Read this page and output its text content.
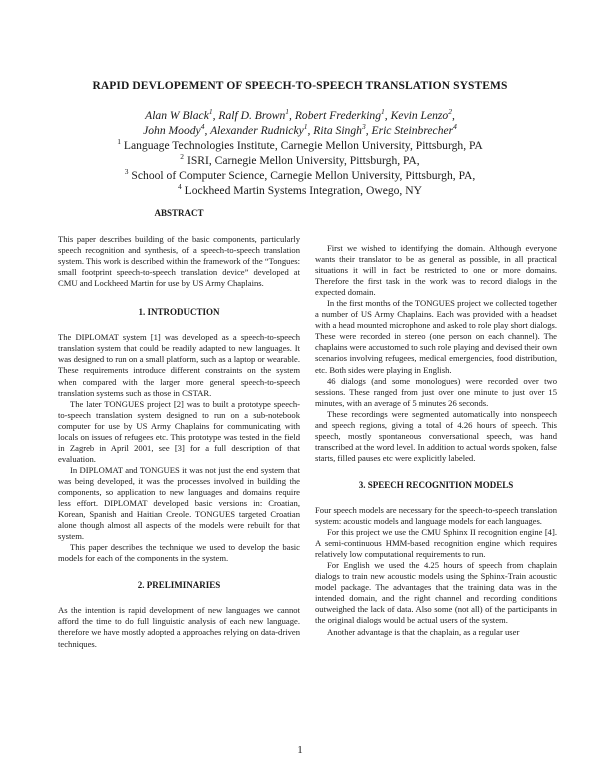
RAPID DEVLOPEMENT OF SPEECH-TO-SPEECH TRANSLATION SYSTEMS
Alan W Black$^1$, Ralf D. Brown$^1$, Robert Frederking$^1$, Kevin Lenzo$^2$,
John Moody$^4$, Alexander Rudnicky$^1$, Rita Singh$^3$, Eric Steinbrecher$^4$
$^1$ Language Technologies Institute, Carnegie Mellon University, Pittsburgh, PA
$^2$ ISRI, Carnegie Mellon University, Pittsburgh, PA,
$^3$ School of Computer Science, Carnegie Mellon University, Pittsburgh, PA,
$^4$ Lockheed Martin Systems Integration, Owego, NY

ABSTRACT

This paper describes building of the basic components, particularly speech recognition and synthesis, of a speech-to-speech translation system. This work is described within the framework of the “Tongues: small footprint speech-to-speech translation device” developed at CMU and Lockheed Martin for use by US Army Chaplains.

1. INTRODUCTION

The DIPLOMAT system [1] was developed as a speech-to-speech translation system that could be readily adapted to new languages. It was designed to run on a small platform, such as a laptop or wearable. These requirements introduce different constraints on the system when compared with the larger more general speech-to-speech translation systems such as those in CSTAR.

The later TONGUES project [2] was to built a prototype speech-to-speech translation system designed to run on a sub-notebook computer for use by US Army Chaplains for communicating with locals on issues of refugees etc. This prototype was tested in the field in Zagreb in April 2001, see [3] for a full description of that evaluation.

In DIPLOMAT and TONGUES it was not just the end system that was being developed, it was the processes involved in building the components, so application to new languages and domains require less effort. DIPLOMAT developed basic versions in: Croatian, Korean, Spanish and Haitian Creole. TONGUES targeted Croatian alone though almost all aspects of the models were rebuilt for that system.

This paper describes the technique we used to develop the basic models for each of the components in the system.

2. PRELIMINARIES

As the intention is rapid development of new languages we cannot afford the time to do full linguistic analysis of each new language. therefore we have mostly adopted a approaches relying on data-driven techniques.

First we wished to identifying the domain. Although everyone wants their translator to be as general as possible, in all practical situations it will in fact be restricted to one or more domains. Therefore the first task in the work was to record dialogs in the expected domain.

In the first months of the TONGUES project we collected together a number of US Army Chaplains. Each was provided with a headset with a head mounted microphone and asked to role play short dialogs. These were recorded in stereo (one person on each channel). The chaplains were accustomed to such role playing and devised their own scenarios involving refugees, medical emergencies, food distribution, etc. Both sides were playing in English.

46 dialogs (and some monologues) were recorded over two sessions. These ranged from just over one minute to just over 15 minutes, with an average of 5 minutes 26 seconds.

These recordings were segmented automatically into nonspeech and speech regions, giving a total of 4.26 hours of speech. This speech, mostly spontaneous conversational speech, was hand transcribed at the word level. In addition to actual words spoken, false starts, filled pauses etc were explicitly labeled.

3. SPEECH RECOGNITION MODELS

Four speech models are necessary for the speech-to-speech translation system: acoustic models and language models for each languages.

For this project we use the CMU Sphinx II recognition engine [4]. A semi-continuous HMM-based recognition engine which requires relatively low computational requirements to run.

For English we used the 4.25 hours of speech from chaplain dialogs to train new acoustic models using the Sphinx-Train acoustic model package. The advantages that the training data was in the intended domain, and the right channel and recording conditions outweighed the lack of data. Also some (not all) of the participants in the original dialogs would be actual users of the system.

Another advantage is that the chaplain, as a regular user

1
